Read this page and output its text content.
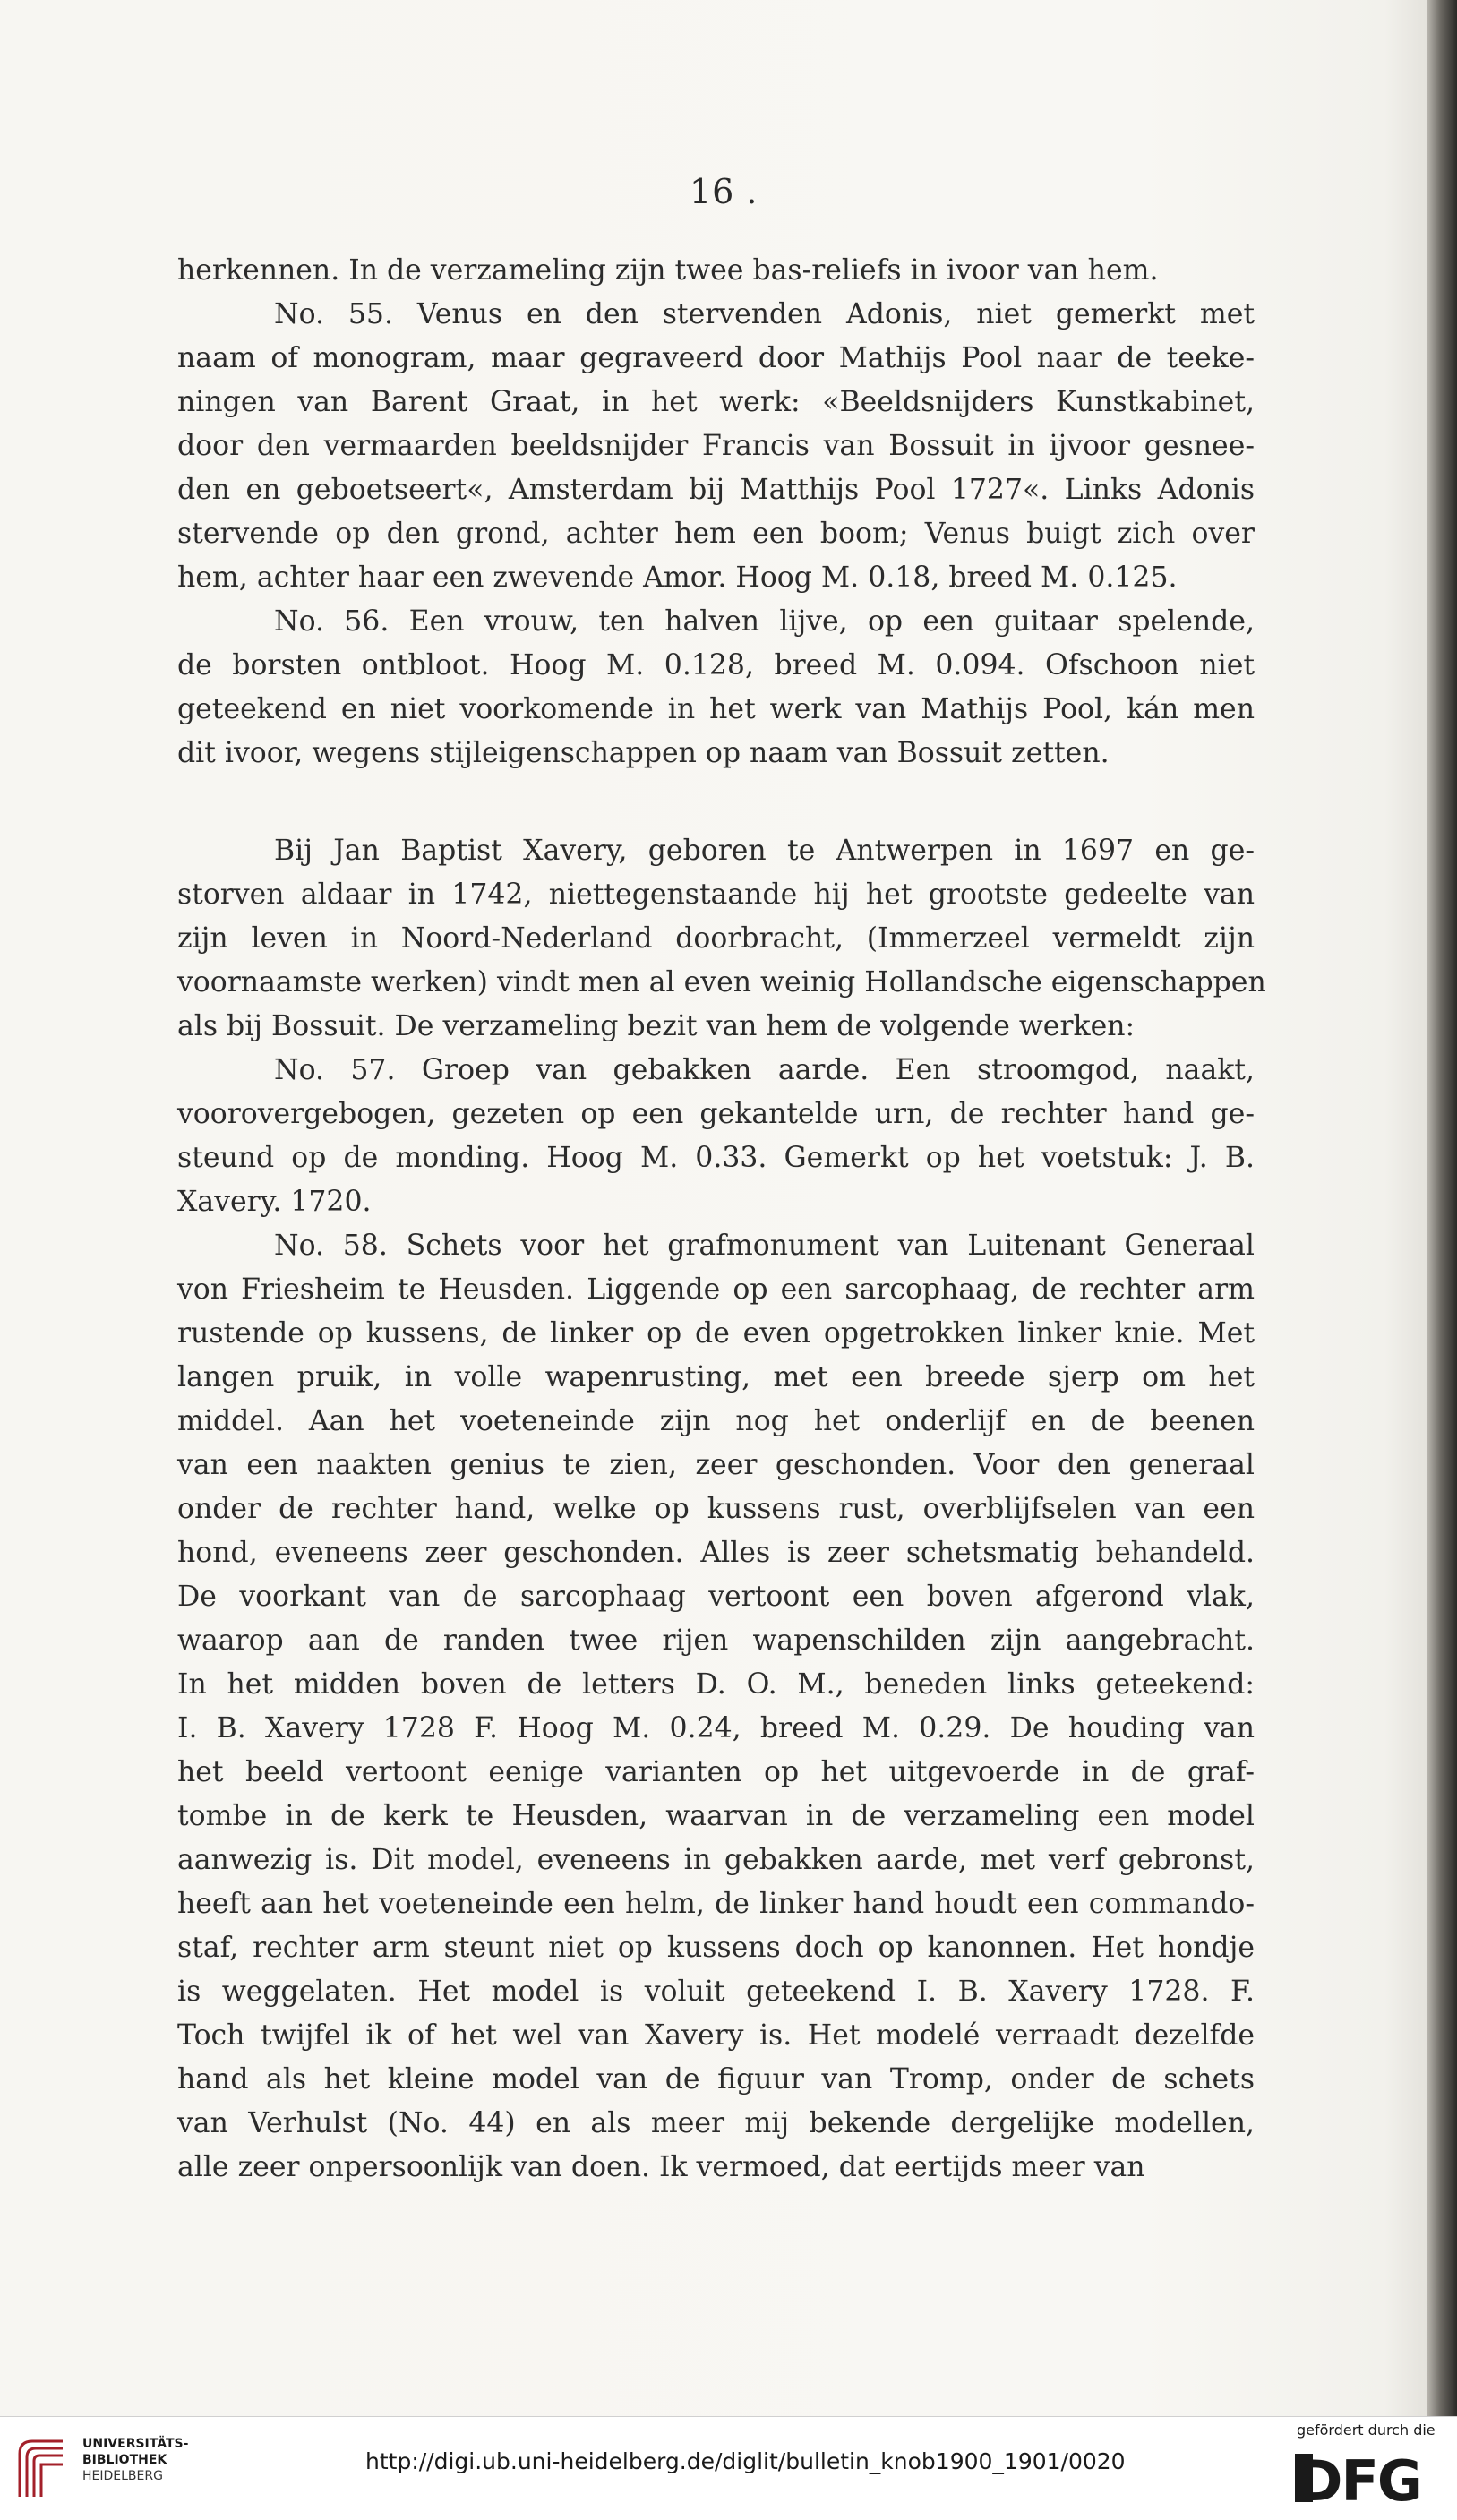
16 .
herkennen. In de verzameling zijn twee bas-reliefs in ivoor van hem.
No. 55. Venus en den stervenden Adonis, niet gemerkt met
naam of monogram, maar gegraveerd door Mathijs Pool naar de teeke-
ningen van Barent Graat, in het werk: «Beeldsnijders Kunstkabinet,
door den vermaarden beeldsnijder Francis van Bossuit in ijvoor gesnee-
den en geboetseert«, Amsterdam bij Matthijs Pool 1727«. Links Adonis
stervende op den grond, achter hem een boom; Venus buigt zich over
hem, achter haar een zwevende Amor. Hoog M. 0.18, breed M. 0.125.
No. 56. Een vrouw, ten halven lijve, op een guitaar spelende,
de borsten ontbloot. Hoog M. 0.128, breed M. 0.094. Ofschoon niet
geteekend en niet voorkomende in het werk van Mathijs Pool, kán men
dit ivoor, wegens stijleigenschappen op naam van Bossuit zetten.
Bij Jan Baptist Xavery, geboren te Antwerpen in 1697 en ge-
storven aldaar in 1742, niettegenstaande hij het grootste gedeelte van
zijn leven in Noord-Nederland doorbracht, (Immerzeel vermeldt zijn
voornaamste werken) vindt men al even weinig Hollandsche eigenschappen
als bij Bossuit. De verzameling bezit van hem de volgende werken:
No. 57. Groep van gebakken aarde. Een stroomgod, naakt,
voorovergebogen, gezeten op een gekantelde urn, de rechter hand ge-
steund op de monding. Hoog M. 0.33. Gemerkt op het voetstuk: J. B.
Xavery. 1720.
No. 58. Schets voor het grafmonument van Luitenant Generaal
von Friesheim te Heusden. Liggende op een sarcophaag, de rechter arm
rustende op kussens, de linker op de even opgetrokken linker knie. Met
langen pruik, in volle wapenrusting, met een breede sjerp om het
middel. Aan het voeteneinde zijn nog het onderlijf en de beenen
van een naakten genius te zien, zeer geschonden. Voor den generaal
onder de rechter hand, welke op kussens rust, overblijfselen van een
hond, eveneens zeer geschonden. Alles is zeer schetsmatig behandeld.
De voorkant van de sarcophaag vertoont een boven afgerond vlak,
waarop aan de randen twee rijen wapenschilden zijn aangebracht.
In het midden boven de letters D. O. M., beneden links geteekend:
I. B. Xavery 1728 F. Hoog M. 0.24, breed M. 0.29. De houding van
het beeld vertoont eenige varianten op het uitgevoerde in de graf-
tombe in de kerk te Heusden, waarvan in de verzameling een model
aanwezig is. Dit model, eveneens in gebakken aarde, met verf gebronst,
heeft aan het voeteneinde een helm, de linker hand houdt een commando-
staf, rechter arm steunt niet op kussens doch op kanonnen. Het hondje
is weggelaten. Het model is voluit geteekend I. B. Xavery 1728. F.
Toch twijfel ik of het wel van Xavery is. Het modelé verraadt dezelfde
hand als het kleine model van de figuur van Tromp, onder de schets
van Verhulst (No. 44) en als meer mij bekende dergelijke modellen,
alle zeer onpersoonlijk van doen. Ik vermoed, dat eertijds meer van
UNIVERSITÄTS-
BIBLIOTHEK
HEIDELBERG
http://digi.ub.uni-heidelberg.de/diglit/bulletin_knob1900_1901/0020
gefördert durch die
DFG
